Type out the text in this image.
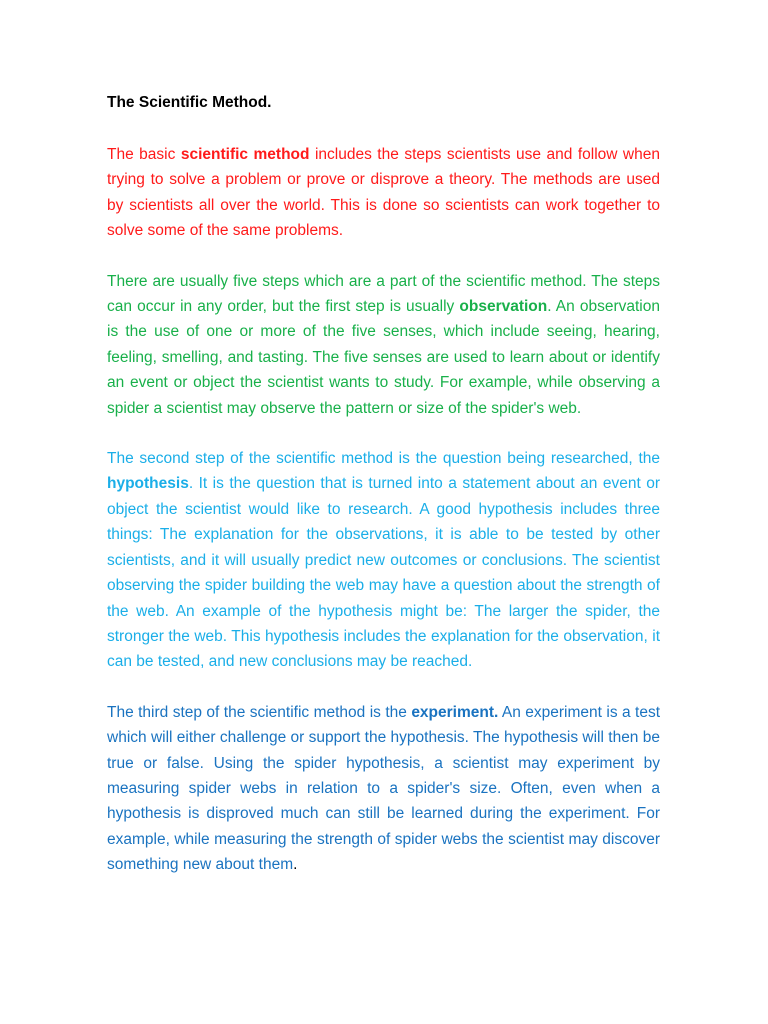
The Scientific Method.

The basic scientific method includes the steps scientists use and follow when trying to solve a problem or prove or disprove a theory. The methods are used by scientists all over the world. This is done so scientists can work together to solve some of the same problems.

There are usually five steps which are a part of the scientific method. The steps can occur in any order, but the first step is usually observation. An observation is the use of one or more of the five senses, which include seeing, hearing, feeling, smelling, and tasting. The five senses are used to learn about or identify an event or object the scientist wants to study. For example, while observing a spider a scientist may observe the pattern or size of the spider's web.

The second step of the scientific method is the question being researched, the hypothesis. It is the question that is turned into a statement about an event or object the scientist would like to research. A good hypothesis includes three things: The explanation for the observations, it is able to be tested by other scientists, and it will usually predict new outcomes or conclusions. The scientist observing the spider building the web may have a question about the strength of the web. An example of the hypothesis might be: The larger the spider, the stronger the web. This hypothesis includes the explanation for the observation, it can be tested, and new conclusions may be reached.

The third step of the scientific method is the experiment. An experiment is a test which will either challenge or support the hypothesis. The hypothesis will then be true or false. Using the spider hypothesis, a scientist may experiment by measuring spider webs in relation to a spider's size. Often, even when a hypothesis is disproved much can still be learned during the experiment. For example, while measuring the strength of spider webs the scientist may discover something new about them.
